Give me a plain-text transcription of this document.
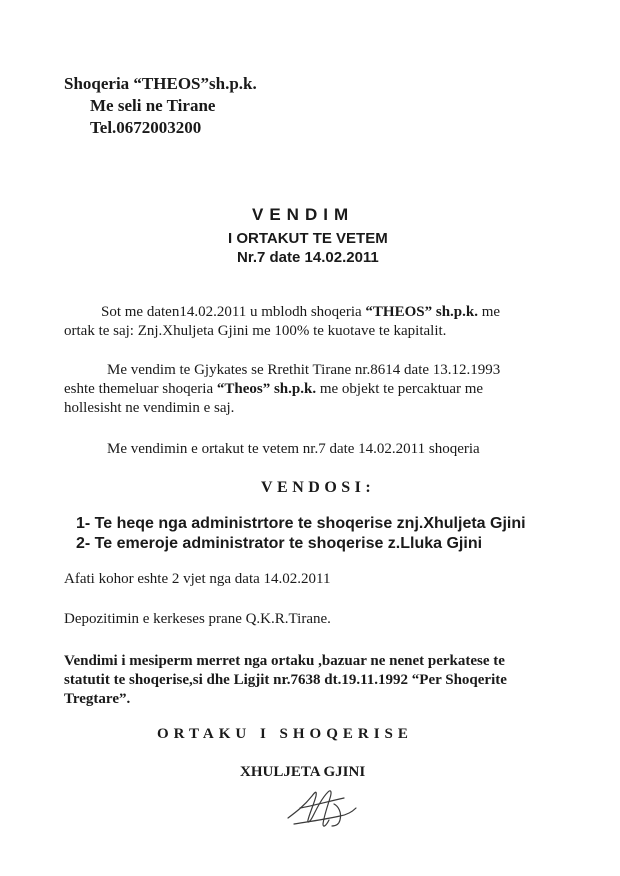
Shoqeria “THEOS”sh.p.k.
Me seli ne Tirane
Tel.0672003200
VENDIM
I ORTAKUT TE VETEM
Nr.7 date 14.02.2011
Sot me daten14.02.2011 u mblodh shoqeria “THEOS” sh.p.k. me
ortak te saj: Znj.Xhuljeta Gjini me 100% te kuotave te kapitalit.
Me vendim te Gjykates se Rrethit Tirane nr.8614 date 13.12.1993
eshte themeluar shoqeria “Theos” sh.p.k. me objekt te percaktuar me
hollesisht ne vendimin e saj.
Me vendimin e ortakut te vetem nr.7 date 14.02.2011 shoqeria
VENDOSI:
1- Te heqe nga administrtore te shoqerise znj.Xhuljeta Gjini
2- Te emeroje administrator te shoqerise z.Lluka Gjini
Afati kohor eshte 2 vjet nga data 14.02.2011
Depozitimin e kerkeses prane Q.K.R.Tirane.
Vendimi i mesiperm merret nga ortaku ,bazuar ne nenet perkatese te
statutit te shoqerise,si dhe Ligjit nr.7638 dt.19.11.1992 “Per Shoqerite
Tregtare”.
ORTAKU I SHOQERISE
XHULJETA GJINI
